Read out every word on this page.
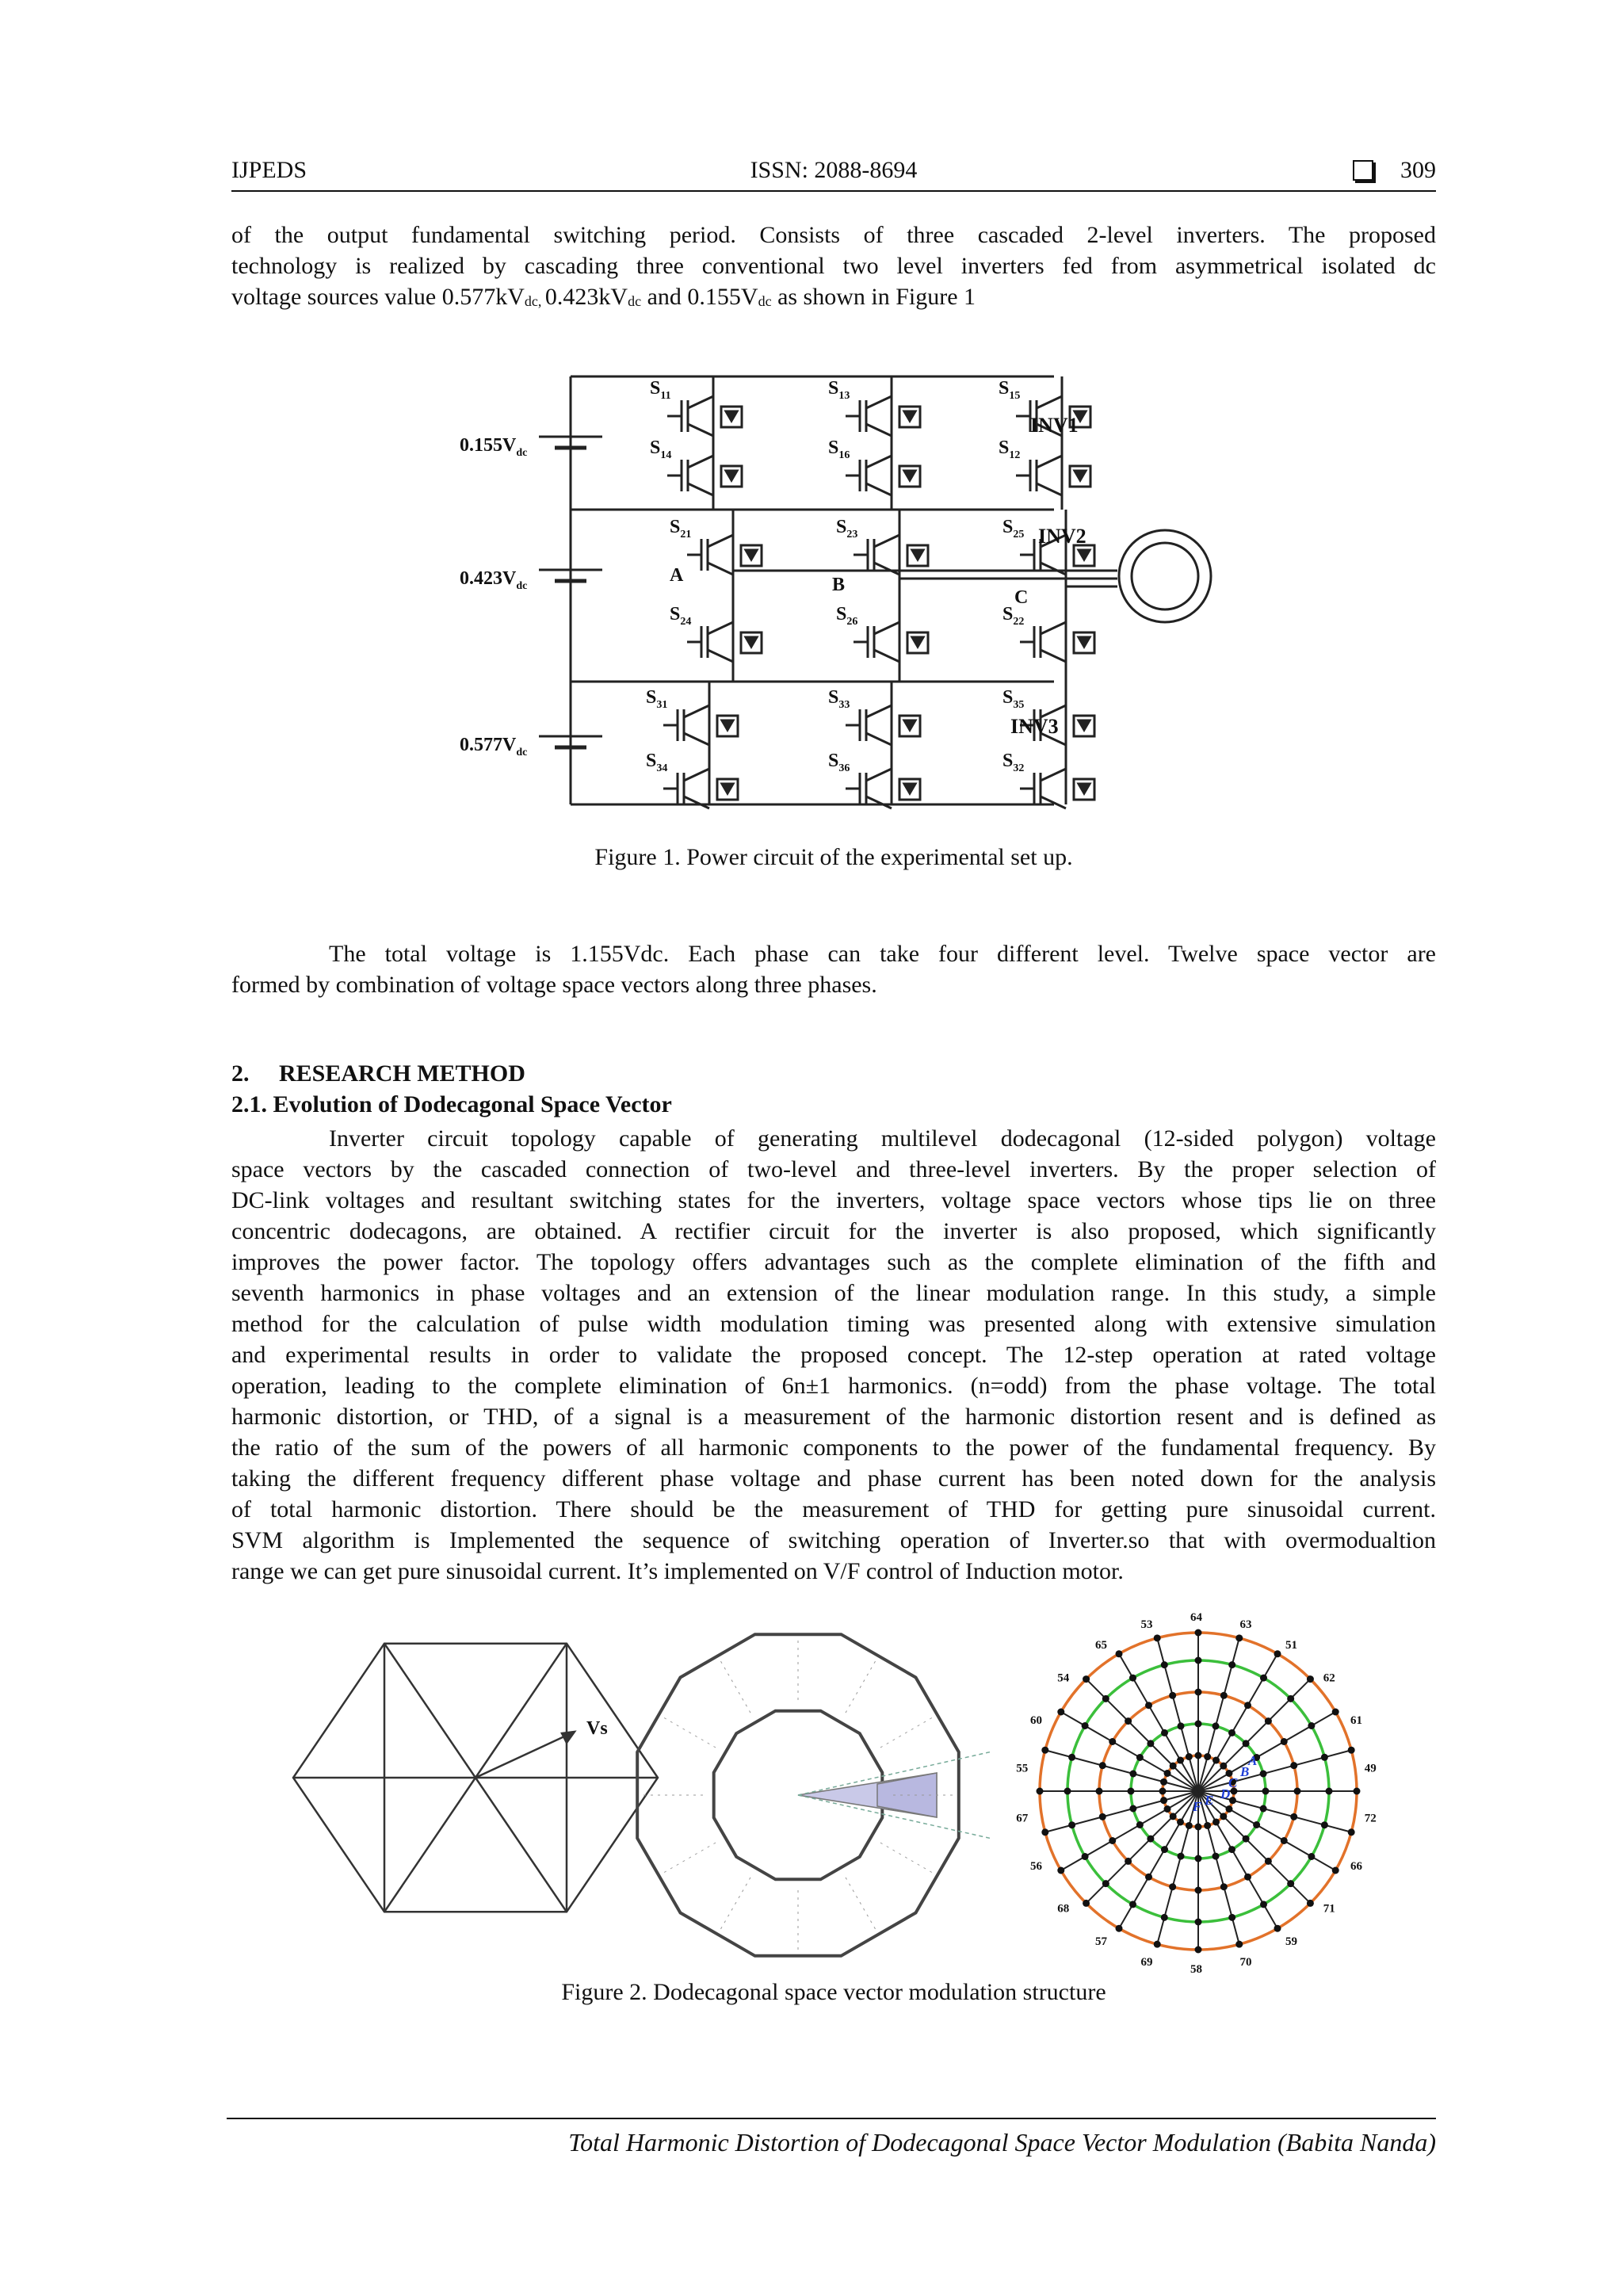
IJPEDS	ISSN: 2088-8694	309
of the output fundamental switching period. Consists of three cascaded 2-level inverters. The proposed
technology is realized by cascading three conventional two level inverters fed from asymmetrical isolated dc
voltage sources value $0.577kV_{dc,}$ $0.423kV_{dc}$ and $0.155V_{dc}$ as shown in Figure 1
$0.155V_{dc}$
$0.423V_{dc}$
$0.577V_{dc}$
$S_{11}$
$S_{14}$
$S_{13}$
$S_{16}$
$S_{15}$
$S_{12}$
$S_{21}$
$S_{24}$
$S_{23}$
$S_{26}$
$S_{25}$
$S_{22}$
$S_{31}$
$S_{34}$
$S_{33}$
$S_{36}$
$S_{35}$
$S_{32}$
INV1
INV2
INV3
A	B
C
Figure 1. Power circuit of the experimental set up.
The total voltage is 1.155Vdc. Each phase can take four different level. Twelve space vector are
formed by combination of voltage space vectors along three phases.
2.     RESEARCH METHOD
2.1. Evolution of Dodecagonal Space Vector
Inverter circuit topology capable of generating multilevel dodecagonal (12-sided polygon) voltage
space vectors by the cascaded connection of two-level and three-level inverters. By the proper selection of
DC-link voltages and resultant switching states for the inverters, voltage space vectors whose tips lie on three
concentric dodecagons, are obtained. A rectifier circuit for the inverter is also proposed, which significantly
improves the power factor. The topology offers advantages such as the complete elimination of the fifth and
seventh harmonics in phase voltages and an extension of the linear modulation range. In this study, a simple
method for the calculation of pulse width modulation timing was presented along with extensive simulation
and experimental results in order to validate the proposed concept. The 12-step operation at rated voltage
operation, leading to the complete elimination of 6n±1 harmonics. (n=odd) from the phase voltage. The total
harmonic distortion, or THD, of a signal is a measurement of the harmonic distortion resent and is defined as
the ratio of the sum of the powers of all harmonic components to the power of the fundamental frequency. By
taking the different frequency different phase voltage and phase current has been noted down for the analysis
of total harmonic distortion. There should be the measurement of THD for getting pure sinusoidal current.
SVM algorithm is Implemented the sequence of switching operation of Inverter.so that with overmodualtion
range we can get pure sinusoidal current. It’s implemented on V/F control of Induction motor.
Vs
64
63
51
62
61
49
72
66
71
59
70
58
69
57
68
56
67
55
60
54
65
53
A
B
C
D
E
F
Figure 2. Dodecagonal space vector modulation structure
Total Harmonic Distortion of Dodecagonal Space Vector Modulation (Babita Nanda)
